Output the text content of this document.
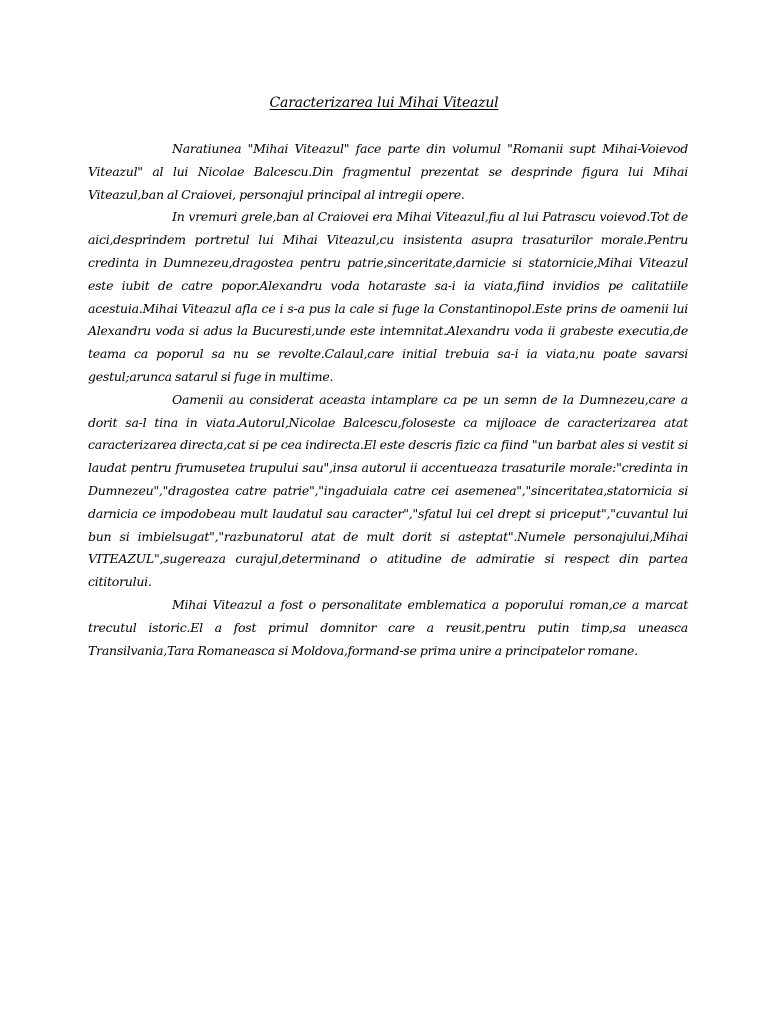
Caracterizarea lui Mihai Viteazul

Naratiunea "Mihai Viteazul" face parte din volumul "Romanii supt Mihai-Voievod Viteazul" al lui Nicolae Balcescu.Din fragmentul prezentat se desprinde figura lui Mihai Viteazul,ban al Craiovei, personajul principal al intregii opere.

In vremuri grele,ban al Craiovei era Mihai Viteazul,fiu al lui Patrascu voievod.Tot de aici,desprindem portretul lui Mihai Viteazul,cu insistenta asupra trasaturilor morale.Pentru credinta in Dumnezeu,dragostea pentru patrie,sinceritate,darnicie si statornicie,Mihai Viteazul este iubit de catre popor.Alexandru voda hotaraste sa-i ia viata,fiind invidios pe calitatiile acestuia.Mihai Viteazul afla ce i s-a pus la cale si fuge la Constantinopol.Este prins de oamenii lui Alexandru voda si adus la Bucuresti,unde este intemnitat.Alexandru voda ii grabeste executia,de teama ca poporul sa nu se revolte.Calaul,care initial trebuia sa-i ia viata,nu poate savarsi gestul;arunca satarul si fuge in multime.

Oamenii au considerat aceasta intamplare ca pe un semn de la Dumnezeu,care a dorit sa-l tina in viata.Autorul,Nicolae Balcescu,foloseste ca mijloace de caracterizarea atat caracterizarea directa,cat si pe cea indirecta.El este descris fizic ca fiind "un barbat ales si vestit si laudat pentru frumusetea trupului sau",insa autorul ii accentueaza trasaturile morale:"credinta in Dumnezeu","dragostea catre patrie","ingaduiala catre cei asemenea","sinceritatea,statornicia si darnicia ce impodobeau mult laudatul sau caracter","sfatul lui cel drept si priceput","cuvantul lui bun si imbielsugat","razbunatorul atat de mult dorit si asteptat".Numele personajului,Mihai VITEAZUL",sugereaza curajul,determinand o atitudine de admiratie si respect din partea cititorului.

Mihai Viteazul a fost o personalitate emblematica a poporului roman,ce a marcat trecutul istoric.El a fost primul domnitor care a reusit,pentru putin timp,sa uneasca Transilvania,Tara Romaneasca si Moldova,formand-se prima unire a principatelor romane.
